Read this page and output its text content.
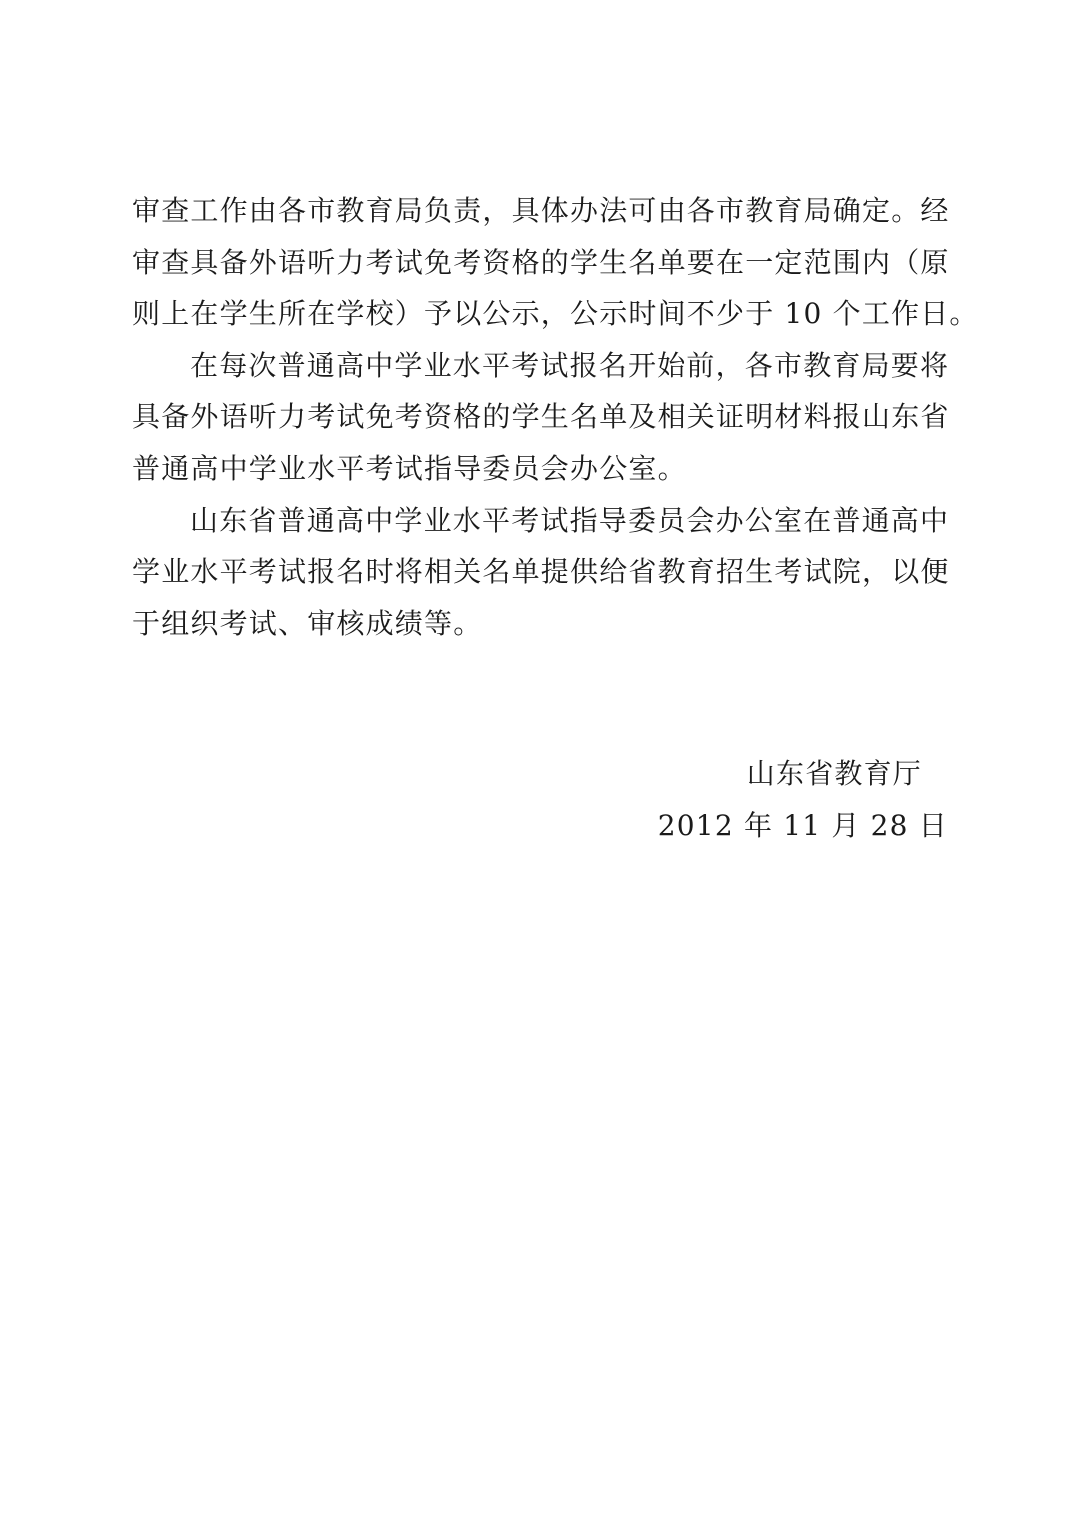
审查工作由各市教育局负责，具体办法可由各市教育局确定。经
审查具备外语听力考试免考资格的学生名单要在一定范围内（原
则上在学生所在学校）予以公示，公示时间不少于 10 个工作日。
在每次普通高中学业水平考试报名开始前，各市教育局要将
具备外语听力考试免考资格的学生名单及相关证明材料报山东省
普通高中学业水平考试指导委员会办公室。
山东省普通高中学业水平考试指导委员会办公室在普通高中
学业水平考试报名时将相关名单提供给省教育招生考试院，以便
于组织考试、审核成绩等。
山东省教育厅
2012 年 11 月 28 日
